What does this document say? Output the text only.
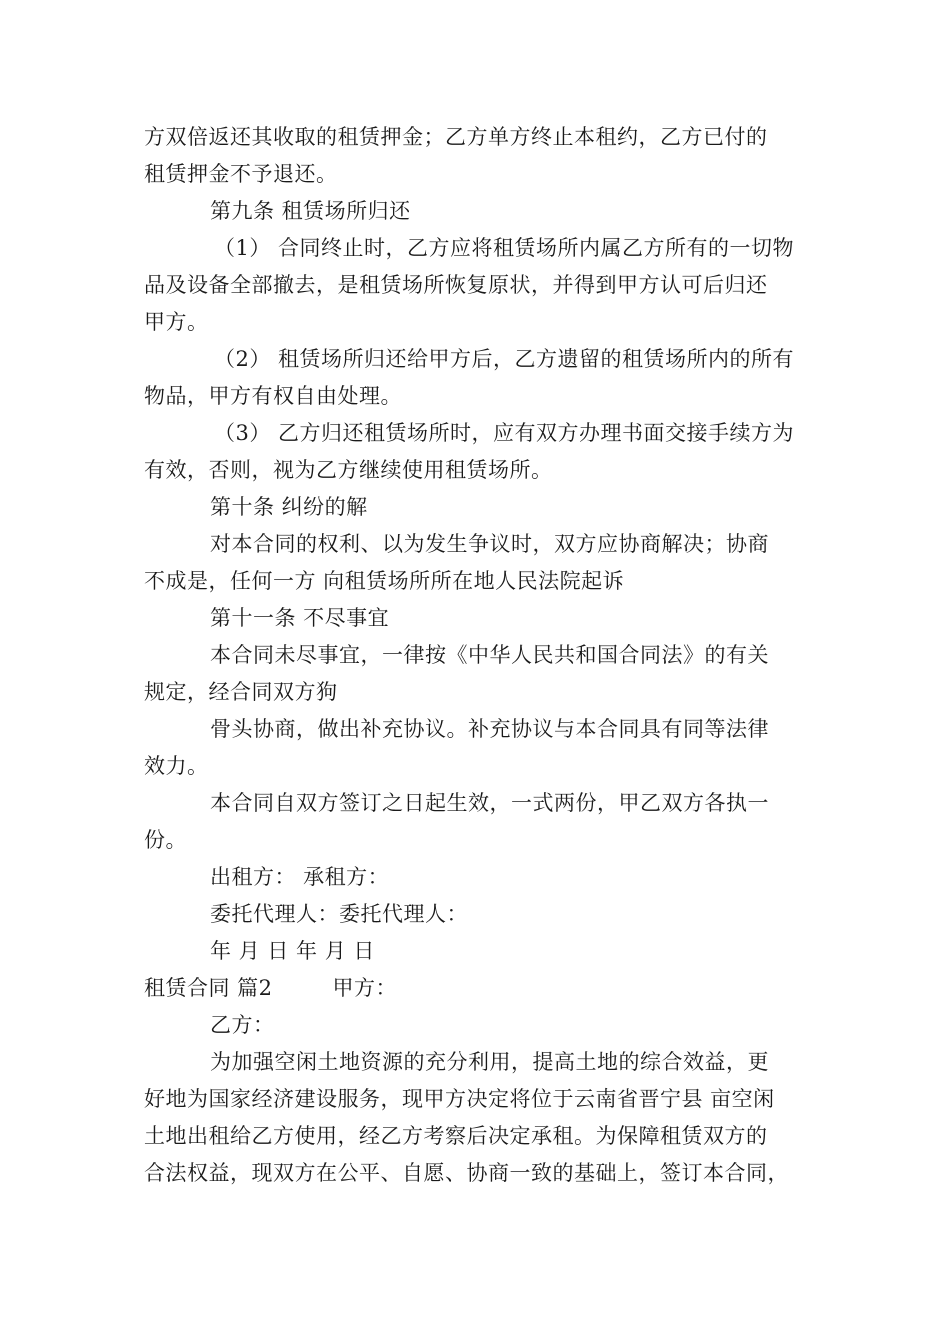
方双倍返还其收取的租赁押金；乙方单方终止本租约，乙方已付的
租赁押金不予退还。
第九条 租赁场所归还
（1） 合同终止时，乙方应将租赁场所内属乙方所有的一切物
品及设备全部撤去，是租赁场所恢复原状，并得到甲方认可后归还
甲方。
（2） 租赁场所归还给甲方后，乙方遗留的租赁场所内的所有
物品，甲方有权自由处理。
（3） 乙方归还租赁场所时，应有双方办理书面交接手续方为
有效，否则，视为乙方继续使用租赁场所。
第十条 纠纷的解
对本合同的权利、以为发生争议时，双方应协商解决；协商
不成是，任何一方 向租赁场所所在地人民法院起诉
第十一条 不尽事宜
本合同未尽事宜，一律按《中华人民共和国合同法》的有关
规定，经合同双方狗
骨头协商，做出补充协议。补充协议与本合同具有同等法律
效力。
本合同自双方签订之日起生效，一式两份，甲乙双方各执一
份。
出租方： 承租方：
委托代理人：委托代理人：
年 月 日 年 月 日
租赁合同 篇2	甲方：
乙方：
为加强空闲土地资源的充分利用，提高土地的综合效益，更
好地为国家经济建设服务，现甲方决定将位于云南省晋宁县 亩空闲
土地出租给乙方使用，经乙方考察后决定承租。为保障租赁双方的
合法权益，现双方在公平、自愿、协商一致的基础上，签订本合同，
